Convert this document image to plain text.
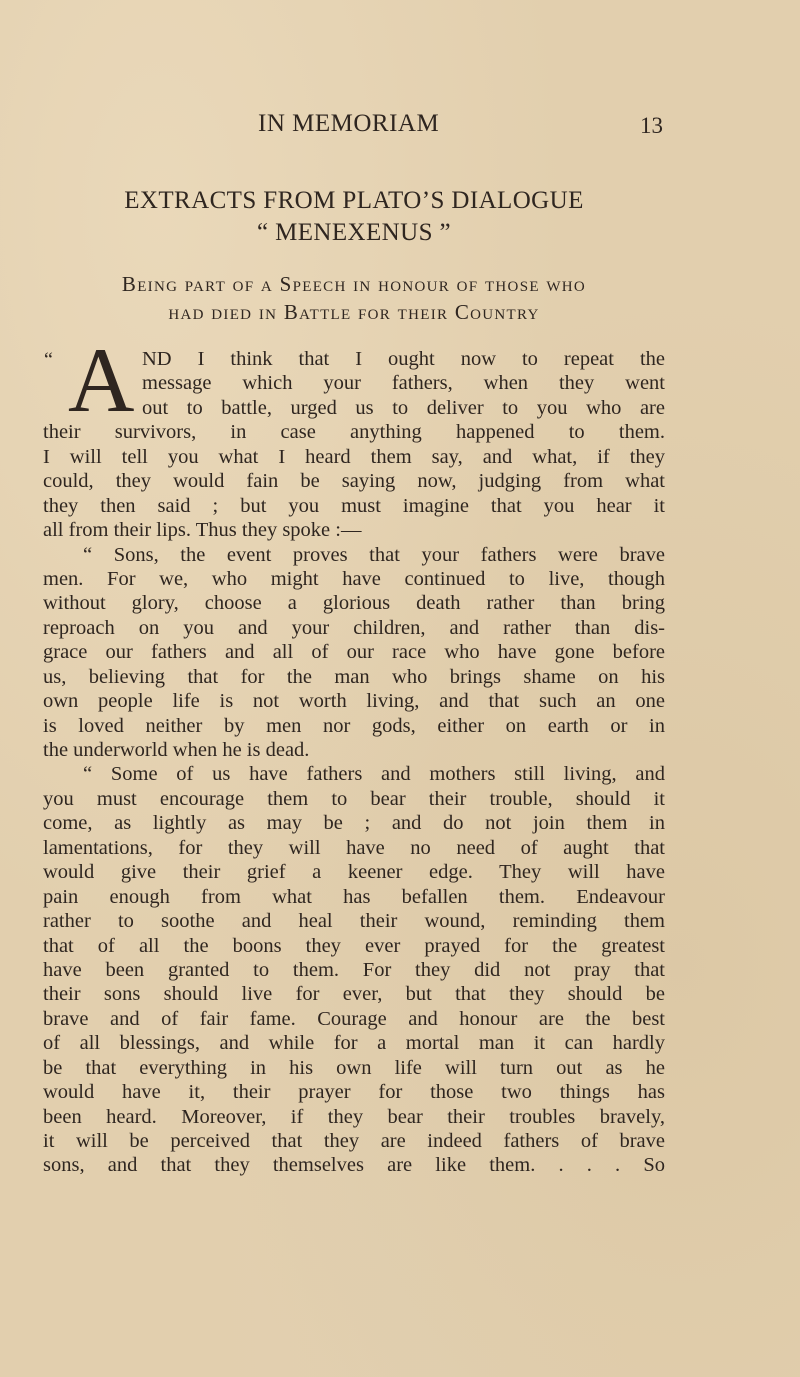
IN MEMORIAM	13
EXTRACTS FROM PLATO’S DIALOGUE
“ MENEXENUS ”
Being part of a Speech in honour of those who
had died in Battle for their Country
“ A ND I think that I ought now to repeat the
message which your fathers, when they went
out to battle, urged us to deliver to you who are
their survivors, in case anything happened to them.
I will tell you what I heard them say, and what, if they
could, they would fain be saying now, judging from what
they then said ; but you must imagine that you hear it
all from their lips. Thus they spoke :—
“ Sons, the event proves that your fathers were brave
men. For we, who might have continued to live, though
without glory, choose a glorious death rather than bring
reproach on you and your children, and rather than dis-
grace our fathers and all of our race who have gone before
us, believing that for the man who brings shame on his
own people life is not worth living, and that such an one
is loved neither by men nor gods, either on earth or in
the underworld when he is dead.
“ Some of us have fathers and mothers still living, and
you must encourage them to bear their trouble, should it
come, as lightly as may be ; and do not join them in
lamentations, for they will have no need of aught that
would give their grief a keener edge. They will have
pain enough from what has befallen them. Endeavour
rather to soothe and heal their wound, reminding them
that of all the boons they ever prayed for the greatest
have been granted to them. For they did not pray that
their sons should live for ever, but that they should be
brave and of fair fame. Courage and honour are the best
of all blessings, and while for a mortal man it can hardly
be that everything in his own life will turn out as he
would have it, their prayer for those two things has
been heard. Moreover, if they bear their troubles bravely,
it will be perceived that they are indeed fathers of brave
sons, and that they themselves are like them. . . . So
